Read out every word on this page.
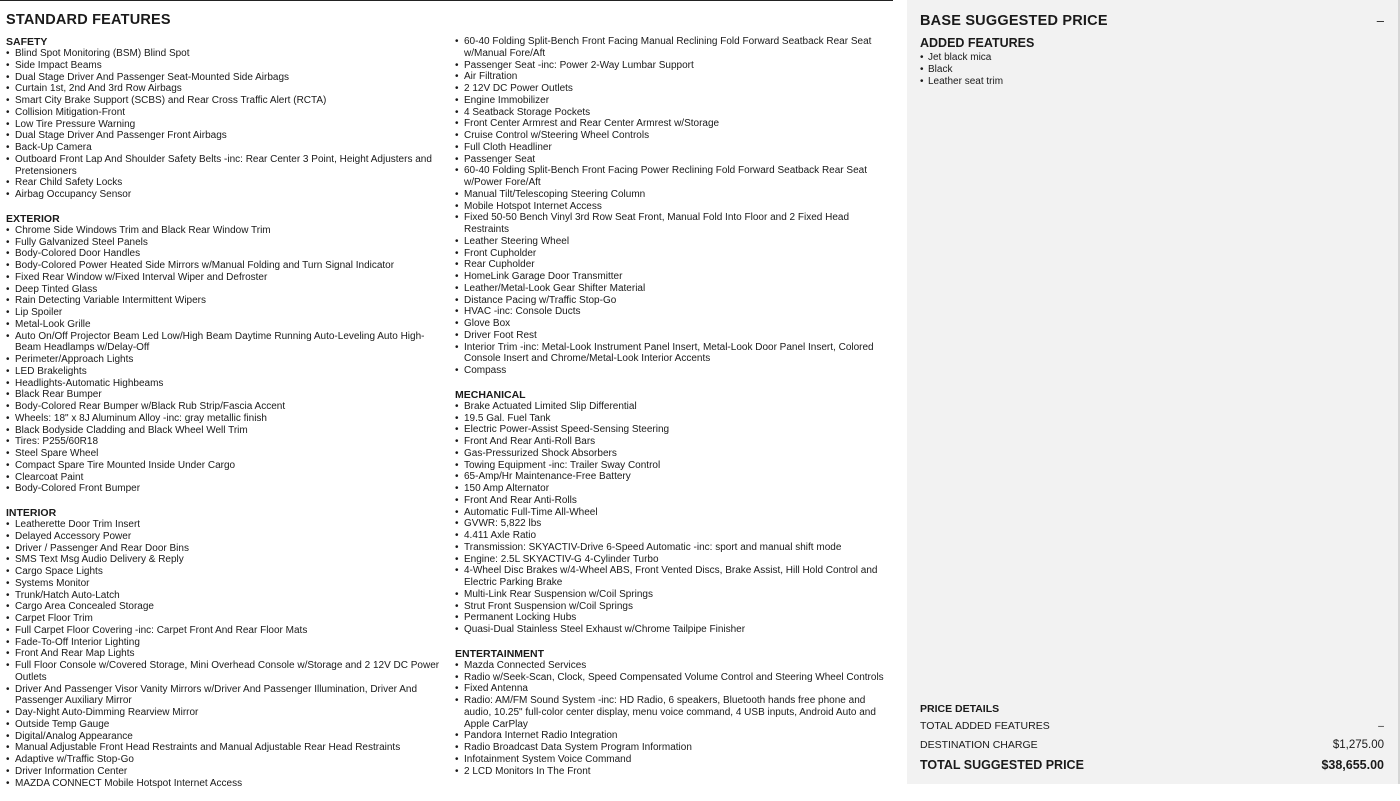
STANDARD FEATURES
SAFETY
• Blind Spot Monitoring (BSM) Blind Spot
• Side Impact Beams
• Dual Stage Driver And Passenger Seat-Mounted Side Airbags
• Curtain 1st, 2nd And 3rd Row Airbags
• Smart City Brake Support (SCBS) and Rear Cross Traffic Alert (RCTA)
• Collision Mitigation-Front
• Low Tire Pressure Warning
• Dual Stage Driver And Passenger Front Airbags
• Back-Up Camera
• Outboard Front Lap And Shoulder Safety Belts -inc: Rear Center 3 Point, Height Adjusters and Pretensioners
• Rear Child Safety Locks
• Airbag Occupancy Sensor
EXTERIOR
• Chrome Side Windows Trim and Black Rear Window Trim
• Fully Galvanized Steel Panels
• Body-Colored Door Handles
• Body-Colored Power Heated Side Mirrors w/Manual Folding and Turn Signal Indicator
• Fixed Rear Window w/Fixed Interval Wiper and Defroster
• Deep Tinted Glass
• Rain Detecting Variable Intermittent Wipers
• Lip Spoiler
• Metal-Look Grille
• Auto On/Off Projector Beam Led Low/High Beam Daytime Running Auto-Leveling Auto High-Beam Headlamps w/Delay-Off
• Perimeter/Approach Lights
• LED Brakelights
• Headlights-Automatic Highbeams
• Black Rear Bumper
• Body-Colored Rear Bumper w/Black Rub Strip/Fascia Accent
• Wheels: 18" x 8J Aluminum Alloy -inc: gray metallic finish
• Black Bodyside Cladding and Black Wheel Well Trim
• Tires: P255/60R18
• Steel Spare Wheel
• Compact Spare Tire Mounted Inside Under Cargo
• Clearcoat Paint
• Body-Colored Front Bumper
INTERIOR
• Leatherette Door Trim Insert
• Delayed Accessory Power
• Driver / Passenger And Rear Door Bins
• SMS Text Msg Audio Delivery & Reply
• Cargo Space Lights
• Systems Monitor
• Trunk/Hatch Auto-Latch
• Cargo Area Concealed Storage
• Carpet Floor Trim
• Full Carpet Floor Covering -inc: Carpet Front And Rear Floor Mats
• Fade-To-Off Interior Lighting
• Front And Rear Map Lights
• Full Floor Console w/Covered Storage, Mini Overhead Console w/Storage and 2 12V DC Power Outlets
• Driver And Passenger Visor Vanity Mirrors w/Driver And Passenger Illumination, Driver And Passenger Auxiliary Mirror
• Day-Night Auto-Dimming Rearview Mirror
• Outside Temp Gauge
• Digital/Analog Appearance
• Manual Adjustable Front Head Restraints and Manual Adjustable Rear Head Restraints
• Adaptive w/Traffic Stop-Go
• Driver Information Center
• MAZDA CONNECT Mobile Hotspot Internet Access
• 60-40 Folding Split-Bench Front Facing Manual Reclining Fold Forward Seatback Rear Seat w/Manual Fore/Aft
• Passenger Seat -inc: Power 2-Way Lumbar Support
• Air Filtration
• 2 12V DC Power Outlets
• Engine Immobilizer
• 4 Seatback Storage Pockets
• Front Center Armrest and Rear Center Armrest w/Storage
• Cruise Control w/Steering Wheel Controls
• Full Cloth Headliner
• Passenger Seat
• 60-40 Folding Split-Bench Front Facing Power Reclining Fold Forward Seatback Rear Seat w/Power Fore/Aft
• Manual Tilt/Telescoping Steering Column
• Mobile Hotspot Internet Access
• Fixed 50-50 Bench Vinyl 3rd Row Seat Front, Manual Fold Into Floor and 2 Fixed Head Restraints
• Leather Steering Wheel
• Front Cupholder
• Rear Cupholder
• HomeLink Garage Door Transmitter
• Leather/Metal-Look Gear Shifter Material
• Distance Pacing w/Traffic Stop-Go
• HVAC -inc: Console Ducts
• Glove Box
• Driver Foot Rest
• Interior Trim -inc: Metal-Look Instrument Panel Insert, Metal-Look Door Panel Insert, Colored Console Insert and Chrome/Metal-Look Interior Accents
• Compass
MECHANICAL
• Brake Actuated Limited Slip Differential
• 19.5 Gal. Fuel Tank
• Electric Power-Assist Speed-Sensing Steering
• Front And Rear Anti-Roll Bars
• Gas-Pressurized Shock Absorbers
• Towing Equipment -inc: Trailer Sway Control
• 65-Amp/Hr Maintenance-Free Battery
• 150 Amp Alternator
• Front And Rear Anti-Rolls
• Automatic Full-Time All-Wheel
• GVWR: 5,822 lbs
• 4.411 Axle Ratio
• Transmission: SKYACTIV-Drive 6-Speed Automatic -inc: sport and manual shift mode
• Engine: 2.5L SKYACTIV-G 4-Cylinder Turbo
• 4-Wheel Disc Brakes w/4-Wheel ABS, Front Vented Discs, Brake Assist, Hill Hold Control and Electric Parking Brake
• Multi-Link Rear Suspension w/Coil Springs
• Strut Front Suspension w/Coil Springs
• Permanent Locking Hubs
• Quasi-Dual Stainless Steel Exhaust w/Chrome Tailpipe Finisher
ENTERTAINMENT
• Mazda Connected Services
• Radio w/Seek-Scan, Clock, Speed Compensated Volume Control and Steering Wheel Controls
• Fixed Antenna
• Radio: AM/FM Sound System -inc: HD Radio, 6 speakers, Bluetooth hands free phone and audio, 10.25" full-color center display, menu voice command, 4 USB inputs, Android Auto and Apple CarPlay
• Pandora Internet Radio Integration
• Radio Broadcast Data System Program Information
• Infotainment System Voice Command
• 2 LCD Monitors In The Front
BASE SUGGESTED PRICE	–
ADDED FEATURES
• Jet black mica
• Black
• Leather seat trim
PRICE DETAILS
TOTAL ADDED FEATURES	–
DESTINATION CHARGE	$1,275.00
TOTAL SUGGESTED PRICE	$38,655.00
